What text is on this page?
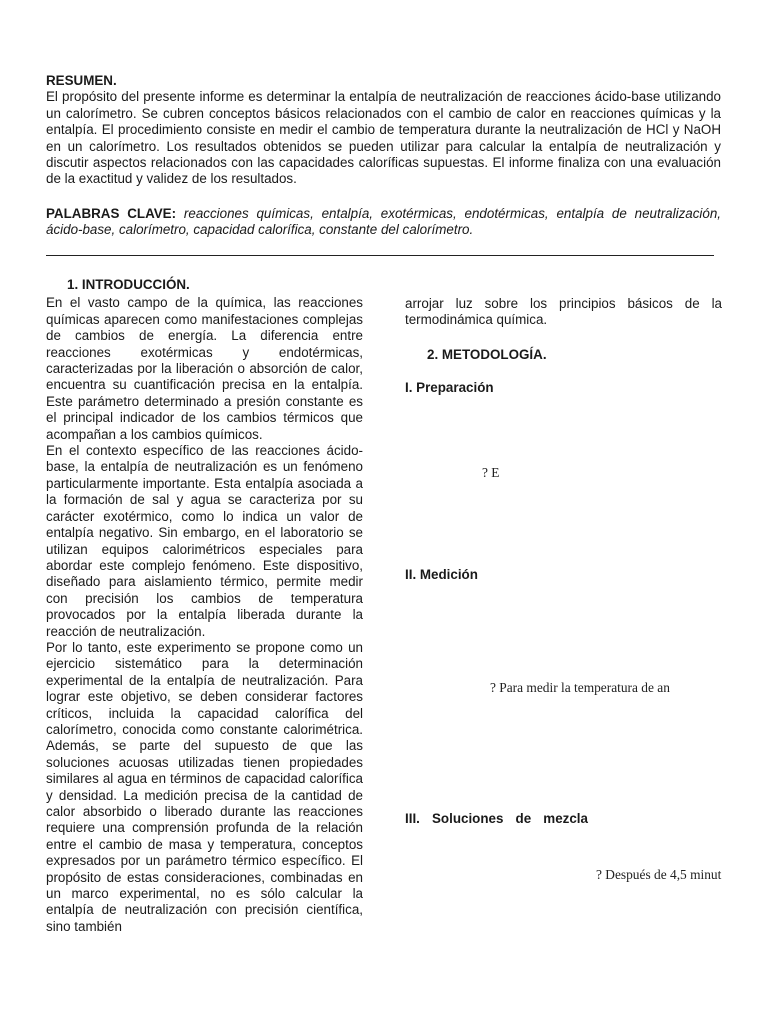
RESUMEN.

El propósito del presente informe es determinar la entalpía de neutralización de reacciones ácido-base utilizando un calorímetro. Se cubren conceptos básicos relacionados con el cambio de calor en reacciones químicas y la entalpía. El procedimiento consiste en medir el cambio de temperatura durante la neutralización de HCl y NaOH en un calorímetro. Los resultados obtenidos se pueden utilizar para calcular la entalpía de neutralización y discutir aspectos relacionados con las capacidades caloríficas supuestas. El informe finaliza con una evaluación de la exactitud y validez de los resultados.

PALABRAS CLAVE: reacciones químicas, entalpía, exotérmicas, endotérmicas, entalpía de neutralización, ácido-base, calorímetro, capacidad calorífica, constante del calorímetro.

1. INTRODUCCIÓN.

En el vasto campo de la química, las reacciones químicas aparecen como manifestaciones complejas de cambios de energía. La diferencia entre reacciones exotérmicas y endotérmicas, caracterizadas por la liberación o absorción de calor, encuentra su cuantificación precisa en la entalpía. Este parámetro determinado a presión constante es el principal indicador de los cambios térmicos que acompañan a los cambios químicos.

En el contexto específico de las reacciones ácido-base, la entalpía de neutralización es un fenómeno particularmente importante. Esta entalpía asociada a la formación de sal y agua se caracteriza por su carácter exotérmico, como lo indica un valor de entalpía negativo. Sin embargo, en el laboratorio se utilizan equipos calorimétricos especiales para abordar este complejo fenómeno. Este dispositivo, diseñado para aislamiento térmico, permite medir con precisión los cambios de temperatura provocados por la entalpía liberada durante la reacción de neutralización.

Por lo tanto, este experimento se propone como un ejercicio sistemático para la determinación experimental de la entalpía de neutralización. Para lograr este objetivo, se deben considerar factores críticos, incluida la capacidad calorífica del calorímetro, conocida como constante calorimétrica. Además, se parte del supuesto de que las soluciones acuosas utilizadas tienen propiedades similares al agua en términos de capacidad calorífica y densidad. La medición precisa de la cantidad de calor absorbido o liberado durante las reacciones requiere una comprensión profunda de la relación entre el cambio de masa y temperatura, conceptos expresados por un parámetro térmico específico. El propósito de estas consideraciones, combinadas en un marco experimental, no es sólo calcular la entalpía de neutralización con precisión científica, sino también

arrojar luz sobre los principios básicos de la termodinámica química.

2. METODOLOGÍA.
I. Preparación
? E
II. Medición
? Para medir la temperatura de an
III. Soluciones de mezcla
? Después de 4,5 minut
